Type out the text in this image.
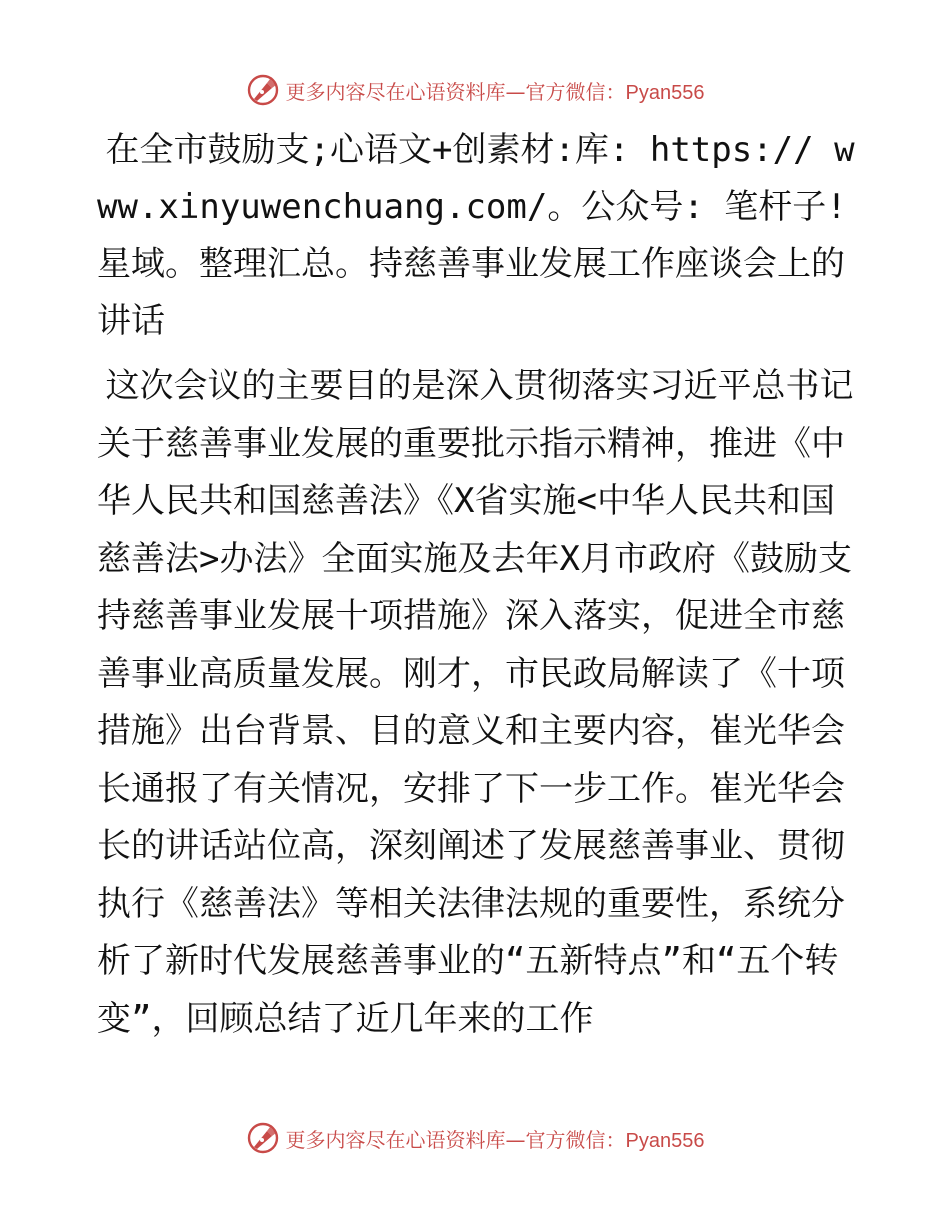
更多内容尽在心语资料库—官方微信：Pyan556

在全市鼓励支;心语文+创素材:库: https:// www.xinyuwenchuang.com/。公众号: 笔杆子! 星域。整理汇总。持慈善事业发展工作座谈会上的讲话

这次会议的主要目的是深入贯彻落实习近平总书记关于慈善事业发展的重要批示指示精神，推进《中华人民共和国慈善法》《X省实施<中华人民共和国慈善法>办法》全面实施及去年X月市政府《鼓励支持慈善事业发展十项措施》深入落实，促进全市慈善事业高质量发展。刚才，市民政局解读了《十项措施》出台背景、目的意义和主要内容，崔光华会长通报了有关情况，安排了下一步工作。崔光华会长的讲话站位高，深刻阐述了发展慈善事业、贯彻执行《慈善法》等相关法律法规的重要性，系统分析了新时代发展慈善事业的“五新特点”和“五个转变”，回顾总结了近几年来的工作

更多内容尽在心语资料库—官方微信：Pyan556
